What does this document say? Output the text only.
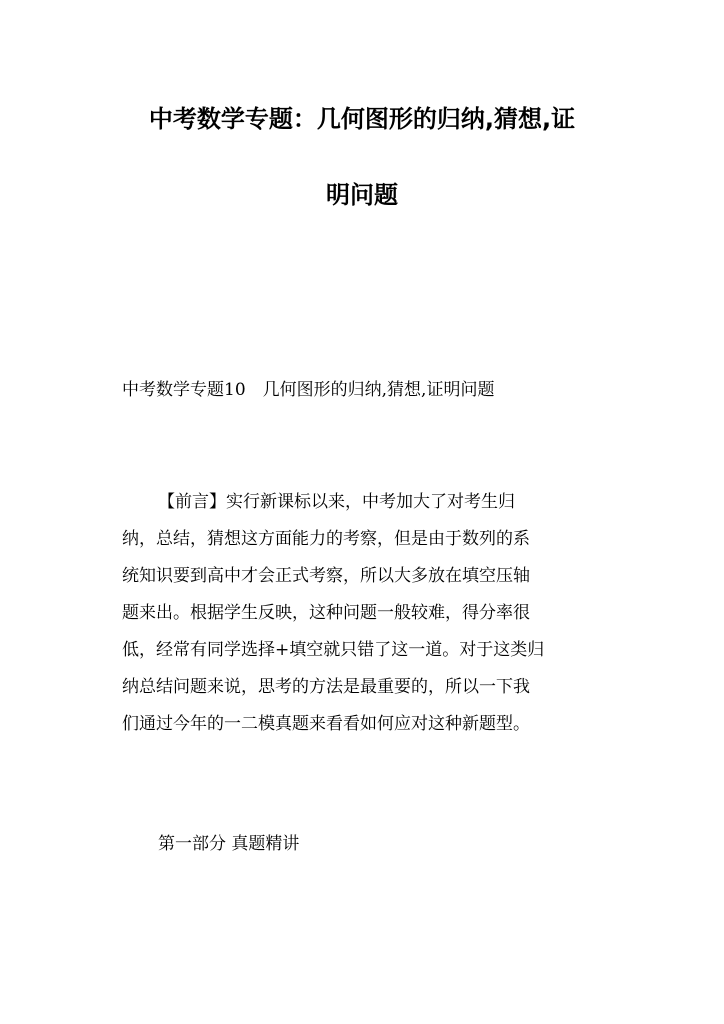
中考数学专题：几何图形的归纳,猜想,证
明问题
中考数学专题10　几何图形的归纳,猜想,证明问题
【前言】实行新课标以来，中考加大了对考生归
纳，总结，猜想这方面能力的考察，但是由于数列的系
统知识要到高中才会正式考察，所以大多放在填空压轴
题来出。根据学生反映，这种问题一般较难，得分率很
低，经常有同学选择+填空就只错了这一道。对于这类归
纳总结问题来说，思考的方法是最重要的，所以一下我
们通过今年的一二模真题来看看如何应对这种新题型。
第一部分 真题精讲
